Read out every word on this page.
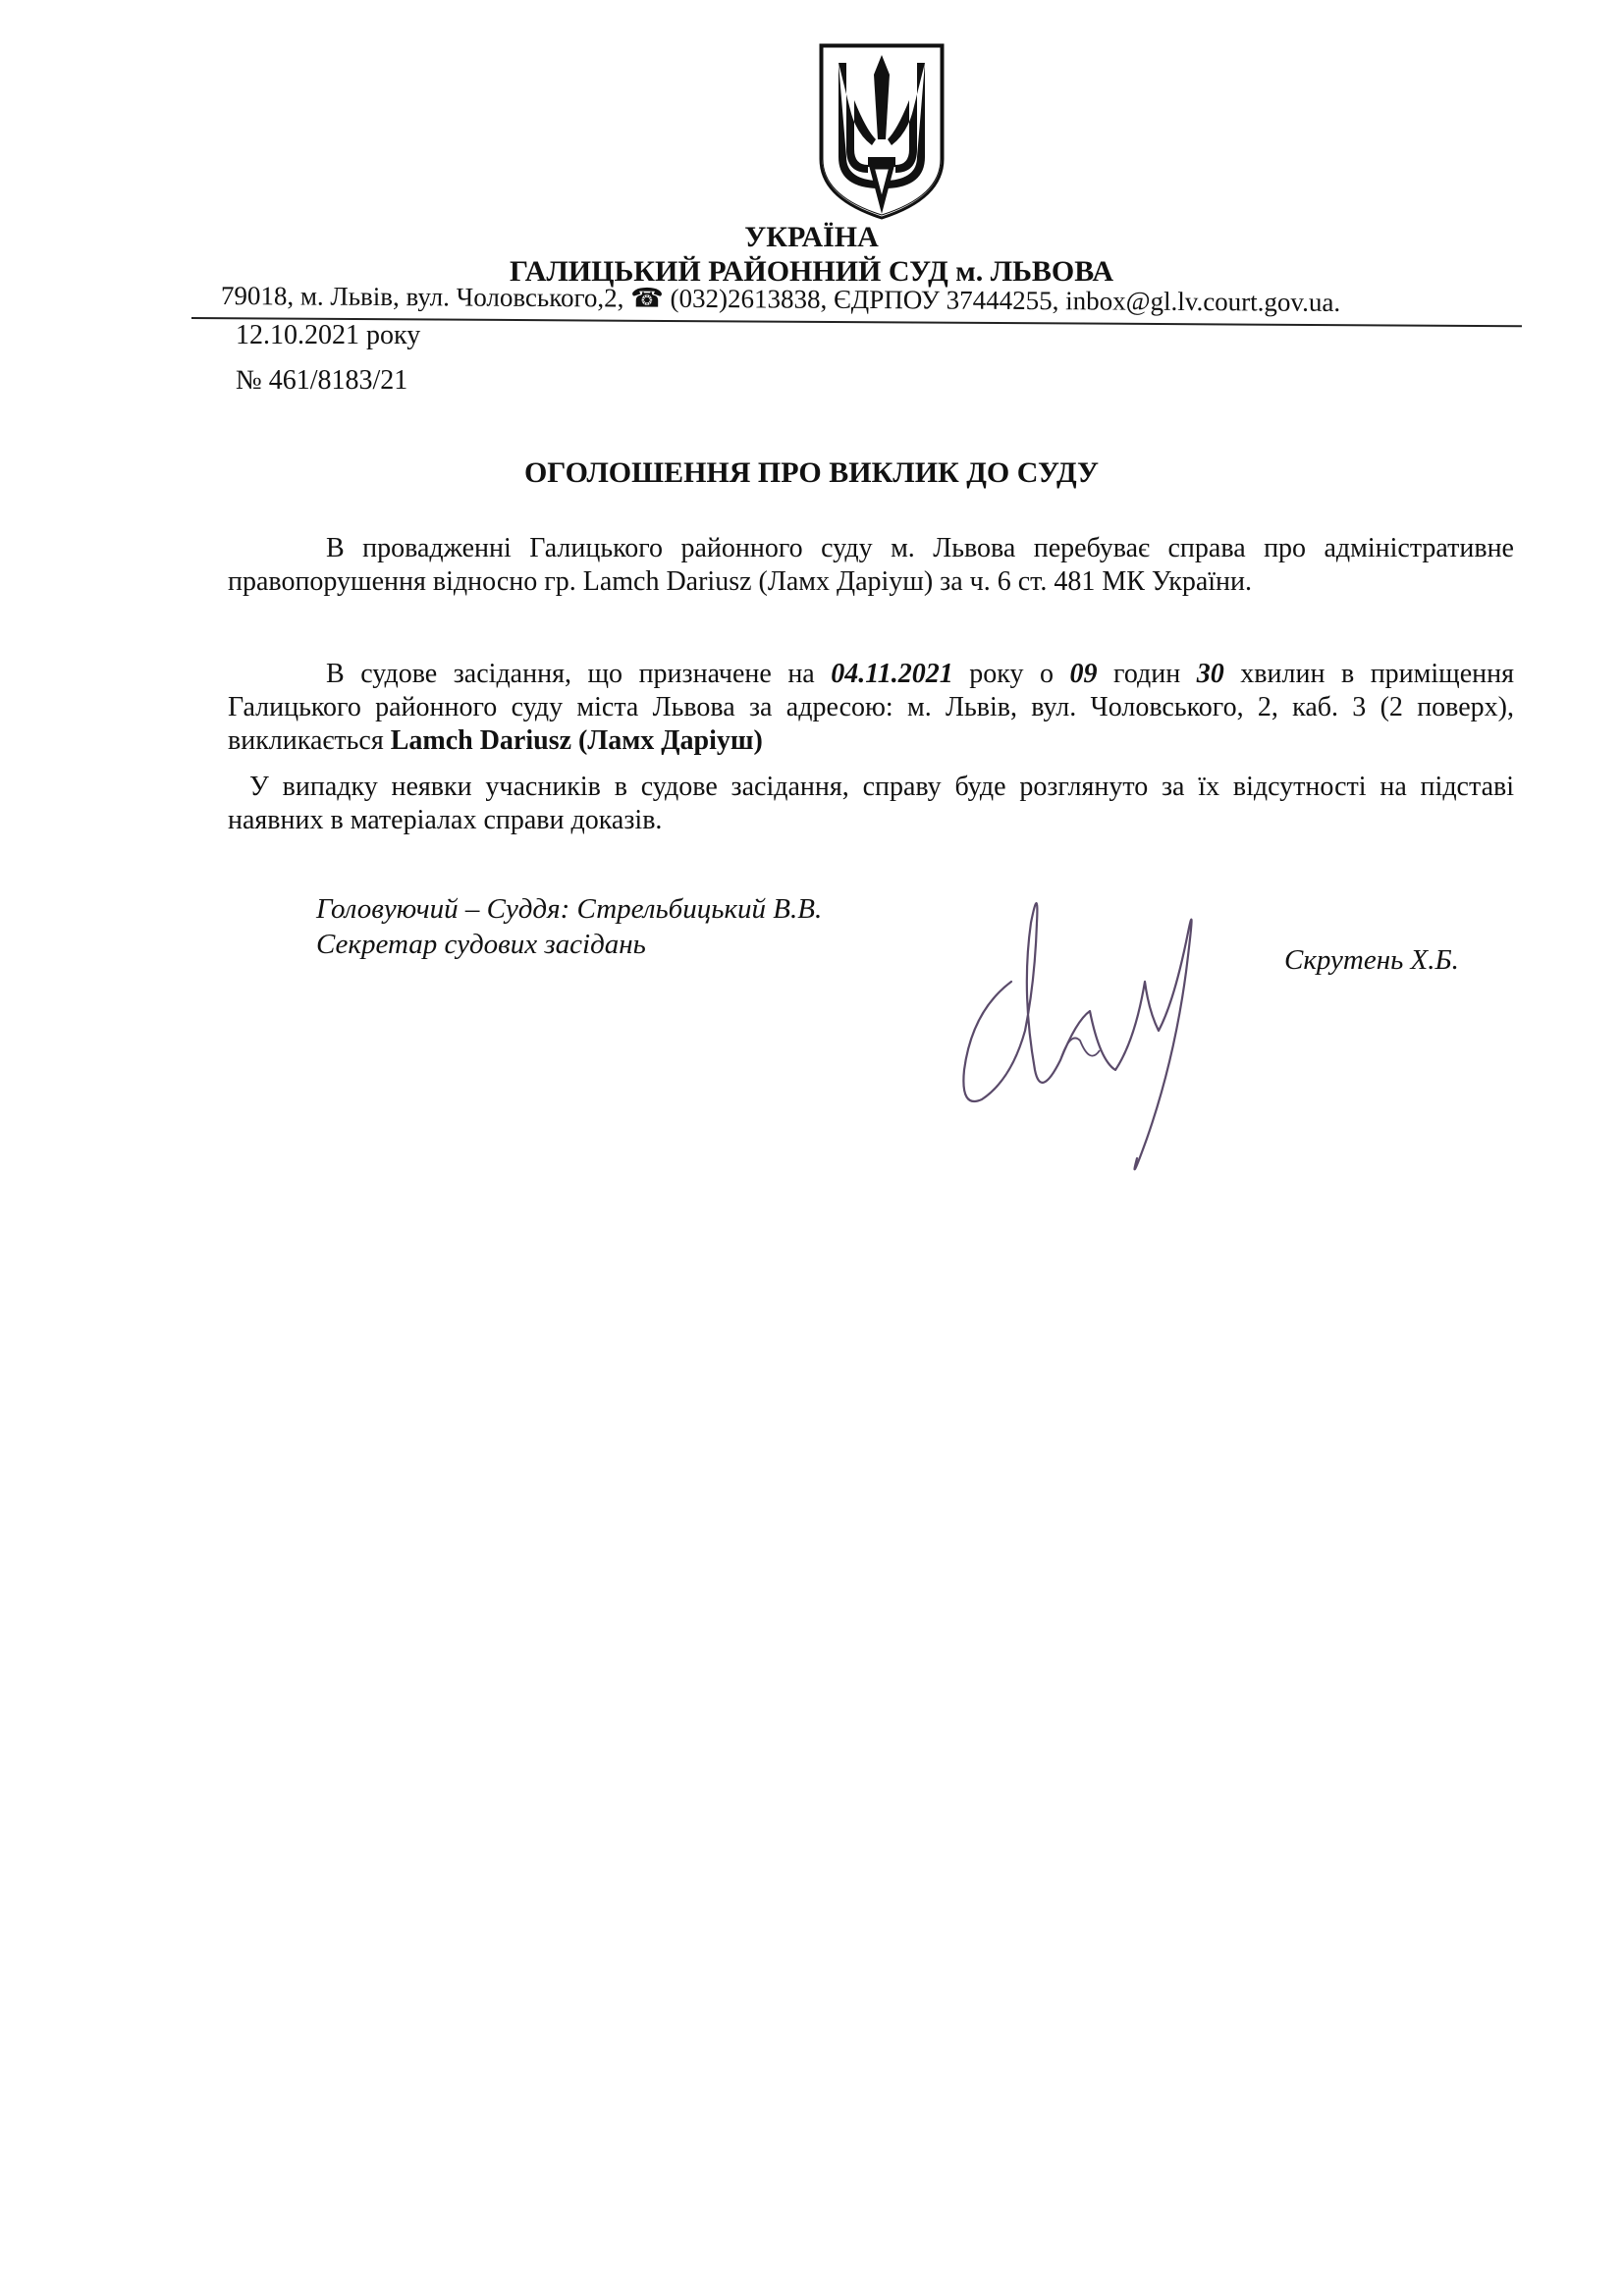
УКРАЇНА
ГАЛИЦЬКИЙ РАЙОННИЙ СУД м. ЛЬВОВА
79018, м. Львів, вул. Чоловського,2, ☎ (032)2613838, ЄДРПОУ 37444255, inbox@gl.lv.court.gov.ua.
12.10.2021 року
№ 461/8183/21
ОГОЛОШЕННЯ ПРО ВИКЛИК ДО СУДУ
В провадженні Галицького районного суду м. Львова перебуває справа про адміністративне правопорушення відносно гр. Lamch Dariusz (Ламх Даріуш) за ч. 6 ст. 481 МК України.
В судове засідання, що призначене на 04.11.2021 року о 09 годин 30 хвилин в приміщення Галицького районного суду міста Львова за адресою: м. Львів, вул. Чоловського, 2, каб. 3 (2 поверх), викликається Lamch Dariusz (Ламх Даріуш)
У випадку неявки учасників в судове засідання, справу буде розглянуто за їх відсутності на підставі наявних в матеріалах справи доказів.
Головуючий – Суддя: Стрельбицький В.В.
Секретар судових засідань	Скрутень Х.Б.
